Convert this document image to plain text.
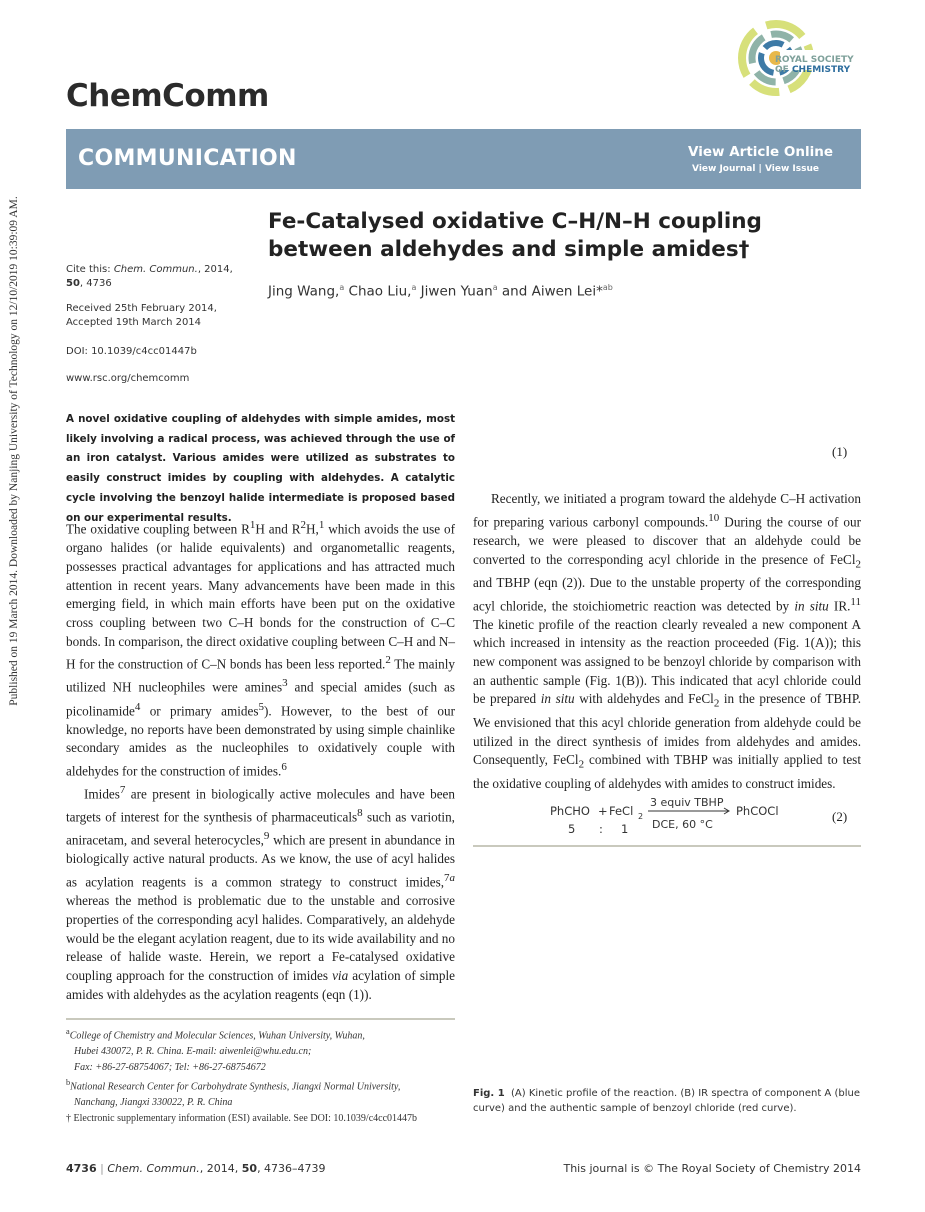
Published on 19 March 2014. Downloaded by Nanjing University of Technology on 12/10/2019 10:39:09 AM.
ChemComm
ROYAL SOCIETY
OF CHEMISTRY
COMMUNICATION	View Article Online
View Journal | View Issue
Fe-Catalysed oxidative C–H/N–H coupling
between aldehydes and simple amides†
Jing Wang,$^a$ Chao Liu,$^a$ Jiwen Yuan$^a$ and Aiwen Lei*$^{ab}$
Cite this: Chem. Commun., 2014,
50, 4736
Received 25th February 2014,
Accepted 19th March 2014
DOI: 10.1039/c4cc01447b
www.rsc.org/chemcomm
A novel oxidative coupling of aldehydes with simple amides, most likely involving a radical process, was achieved through the use of an iron catalyst. Various amides were utilized as substrates to easily construct imides by coupling with aldehydes. A catalytic cycle involving the benzoyl halide intermediate is proposed based on our experimental results.
(1)

The oxidative coupling between $R^1H$ and $R^2H,^1$ which avoids the use of organo halides (or halide equivalents) and organometallic reagents, possesses practical advantages for applications and has attracted much attention in recent years. Many advancements have been made in this emerging field, in which main efforts have been put on the oxidative cross coupling between two C–H bonds for the construction of C–C bonds. In comparison, the direct oxidative coupling between C–H and N–H for the construction of C–N bonds has been less reported.$^2$ The mainly utilized NH nucleophiles were amines$^3$ and special amides (such as picolinamide$^4$ or primary amides$^5$). However, to the best of our knowledge, no reports have been demonstrated by using simple chainlike secondary amides as the nucleophiles to oxidatively couple with aldehydes for the construction of imides.$^6$

Imides$^7$ are present in biologically active molecules and have been targets of interest for the synthesis of pharmaceuticals$^8$ such as variotin, aniracetam, and several heterocycles,$^9$ which are present in abundance in biologically active natural products. As we know, the use of acyl halides as acylation reagents is a common strategy to construct imides,$^{7a}$ whereas the method is problematic due to the unstable and corrosive properties of the corresponding acyl halides. Comparatively, an aldehyde would be the elegant acylation reagent, due to its wide availability and no release of halide waste. Herein, we report a Fe-catalysed oxidative coupling approach for the construction of imides via acylation of simple amides with aldehydes as the acylation reagents (eqn (1)).

Recently, we initiated a program toward the aldehyde C–H activation for preparing various carbonyl compounds.$^{10}$ During the course of our research, we were pleased to discover that an aldehyde could be converted to the corresponding acyl chloride in the presence of FeCl$_2$ and TBHP (eqn (2)). Due to the unstable property of the corresponding acyl chloride, the stoichiometric reaction was detected by in situ IR.$^{11}$ The kinetic profile of the reaction clearly revealed a new component A which increased in intensity as the reaction proceeded (Fig. 1(A)); this new component was assigned to be benzoyl chloride by comparison with an authentic sample (Fig. 1(B)). This indicated that acyl chloride could be prepared in situ with aldehydes and FeCl$_2$ in the presence of TBHP. We envisioned that this acyl chloride generation from aldehyde could be utilized in the direct synthesis of imides from aldehydes and amides. Consequently, FeCl$_2$ combined with TBHP was initially applied to test the oxidative coupling of aldehydes with amides to construct imides.

PhCHO + FeCl 2
3 equiv TBHP
DCE, 60 °C
PhCOCl
5 : 1
(2)
$^a$College of Chemistry and Molecular Sciences, Wuhan University, Wuhan,
Hubei 430072, P. R. China. E-mail: aiwenlei@whu.edu.cn;
Fax: +86-27-68754067; Tel: +86-27-68754672
$^b$National Research Center for Carbohydrate Synthesis, Jiangxi Normal University,
Nanchang, Jiangxi 330022, P. R. China
† Electronic supplementary information (ESI) available. See DOI: 10.1039/c4cc01447b
Fig. 1 (A) Kinetic profile of the reaction. (B) IR spectra of component A (blue curve) and the authentic sample of benzoyl chloride (red curve).
4736 | Chem. Commun., 2014, 50, 4736–4739	This journal is © The Royal Society of Chemistry 2014
